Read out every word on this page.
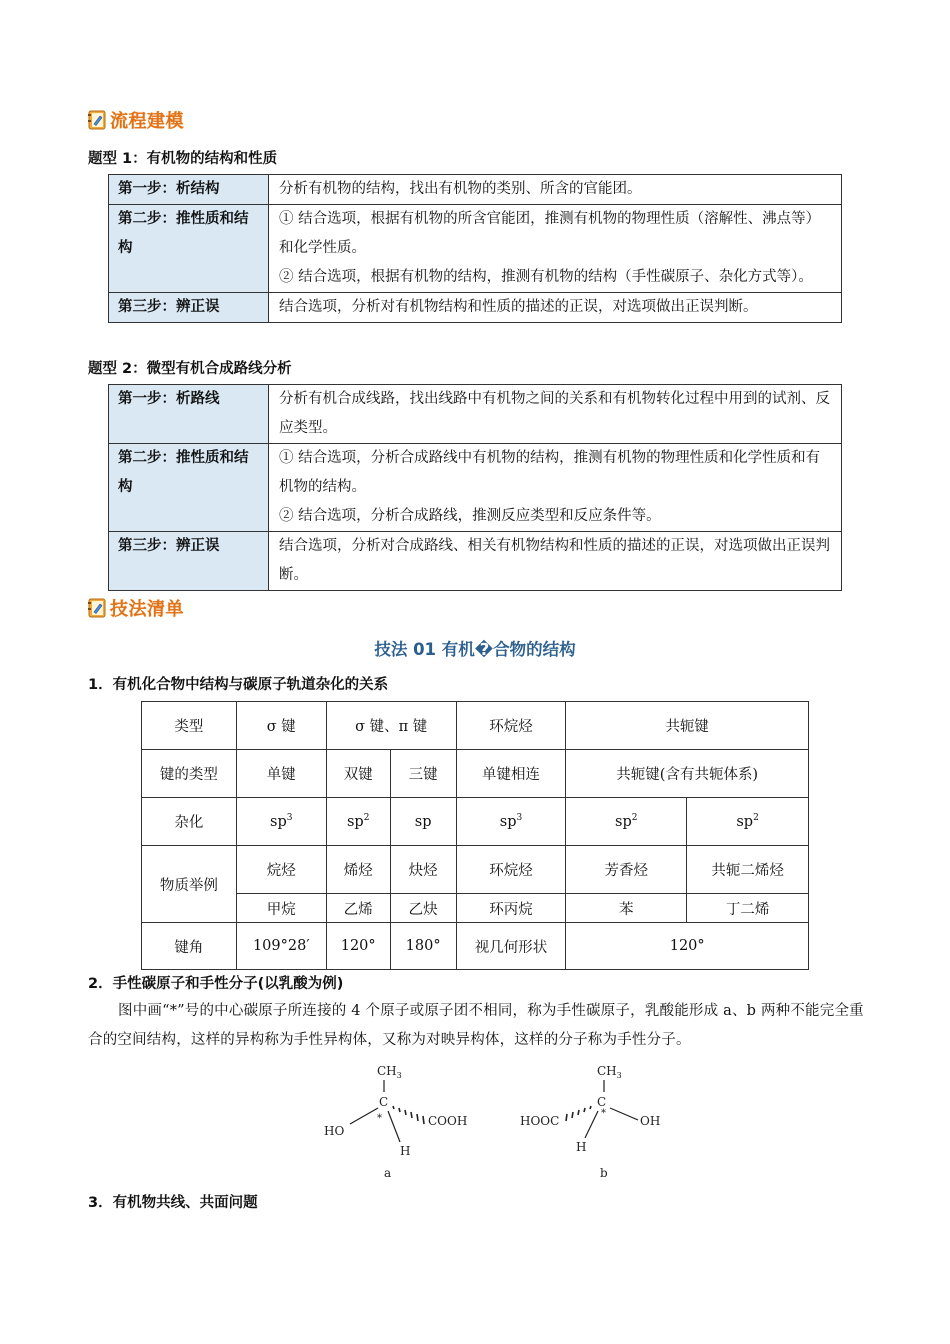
流程建模
题型 1：有机物的结构和性质
第一步：析结构	分析有机物的结构，找出有机物的类别、所含的官能团。

第二步：推性质和结构	① 结合选项，根据有机物的所含官能团，推测有机物的物理性质（溶解性、沸点等）和化学性质。
② 结合选项，根据有机物的结构，推测有机物的结构（手性碳原子、杂化方式等）。

第三步：辨正误	结合选项，分析对有机物结构和性质的描述的正误，对选项做出正误判断。
题型 2：微型有机合成路线分析
第一步：析路线	分析有机合成线路，找出线路中有机物之间的关系和有机物转化过程中用到的试剂、反应类型。

第二步：推性质和结构	① 结合选项，分析合成路线中有机物的结构，推测有机物的物理性质和化学性质和有机物的结构。
② 结合选项，分析合成路线，推测反应类型和反应条件等。

第三步：辨正误	结合选项，分析对合成路线、相关有机物结构和性质的描述的正误，对选项做出正误判断。
技法清单
技法 01 有机�合物的结构
1．有机化合物中结构与碳原子轨道杂化的关系
类型	σ 键	σ 键、π 键		环烷烃	共轭键	
键的类型	单键	双键	三键	单键相连	共轭键(含有共轭体系)	
杂化	$sp^3$	$sp^2$	sp	$sp^3$	$sp^2$	$sp^2$
物质举例	烷烃	烯烃	炔烃	环烷烃	芳香烃	共轭二烯烃
	甲烷	乙烯	乙炔	环丙烷	苯	丁二烯
键角	109°28′	120°	180°	视几何形状	120°	
2．手性碳原子和手性分子(以乳酸为例)
图中画“*”号的中心碳原子所连接的 4 个原子或原子团不相同，称为手性碳原子，乳酸能形成 a、b 两种不能完全重合的空间结构，这样的异构称为手性异构体，又称为对映异构体，这样的分子称为手性分子。
$CH_3$
C
*
HO
COOH
H
a
$CH_3$
C
*
HOOC	OH
H
b
3．有机物共线、共面问题
